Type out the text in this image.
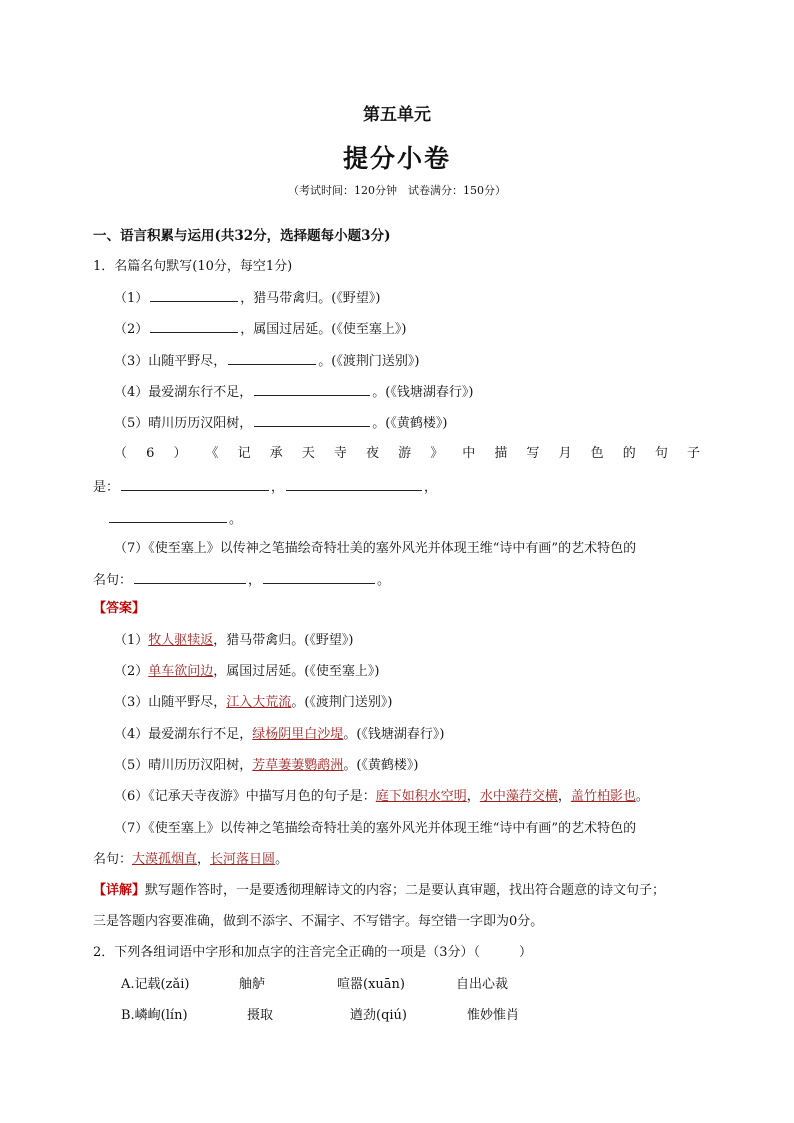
第五单元
提分小卷
（考试时间：120分钟　试卷满分：150分）
一、语言积累与运用(共32分，选择题每小题3分)
1．名篇名句默写(10分，每空1分)
（1）	，猎马带禽归。(《野望》)
（2）	，属国过居延。(《使至塞上》)
（3）山随平野尽，	。(《渡荆门送别》)
（4）最爱湖东行不足，	。(《钱塘湖春行》)
（5）晴川历历汉阳树，	。(《黄鹤楼》)
（ 6 ） 《 记 承 天 寺 夜 游 》 中 描 写 月 色 的 句 子
是：	，	，
。
（7）《使至塞上》以传神之笔描绘奇特壮美的塞外风光并体现王维“诗中有画”的艺术特色的
名句：	，	。
【答案】
（1）牧人驱犊返，猎马带禽归。(《野望》)
（2）单车欲问边，属国过居延。(《使至塞上》)
（3）山随平野尽，江入大荒流。(《渡荆门送别》)
（4）最爱湖东行不足，绿杨阴里白沙堤。(《钱塘湖春行》)
（5）晴川历历汉阳树，芳草萋萋鹦鹉洲。(《黄鹤楼》)
（6）《记承天寺夜游》中描写月色的句子是：庭下如积水空明，水中藻荇交横，盖竹柏影也。
（7）《使至塞上》以传神之笔描绘奇特壮美的塞外风光并体现王维“诗中有画”的艺术特色的
名句：大漠孤烟直，长河落日圆。
【详解】默写题作答时，一是要透彻理解诗文的内容；二是要认真审题，找出符合题意的诗文句子；
三是答题内容要准确，做到不添字、不漏字、不写错字。每空错一字即为0分。
2．下列各组词语中字形和加点字的注音完全正确的一项是（3分）（　　　）
A.记载(zǎi)	舳舻	喧嚣(xuān)	自出心裁
B.嶙峋(lín)	摄取	遒劲(qiú)	惟妙惟肖
